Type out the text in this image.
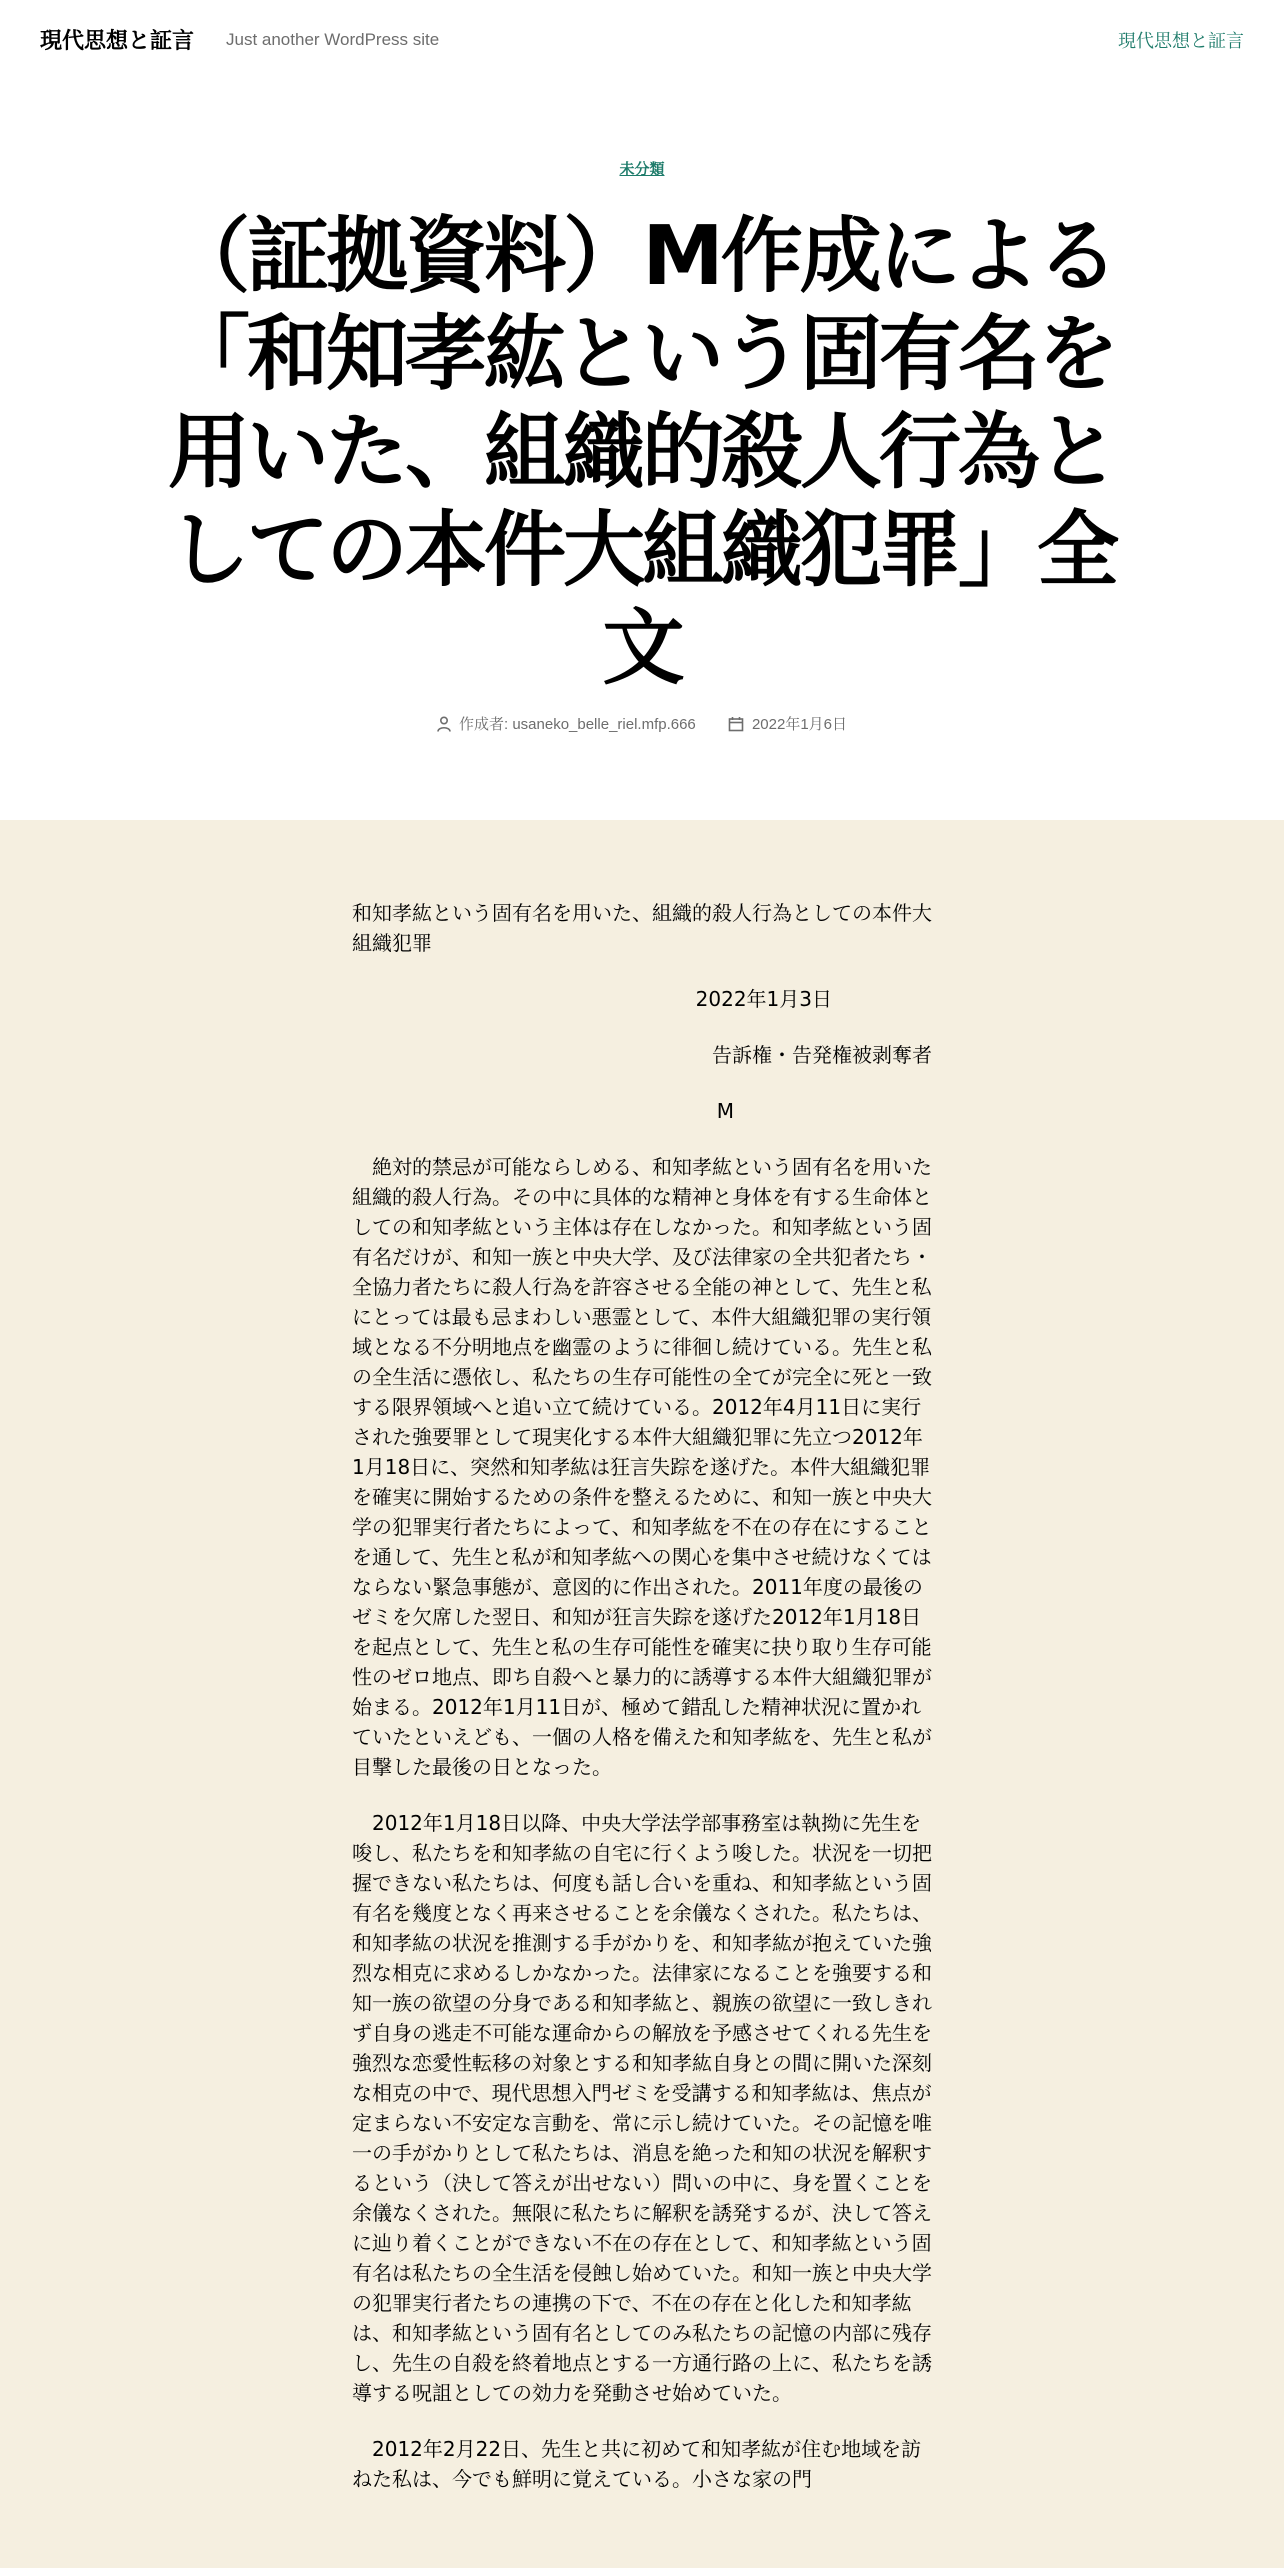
現代思想と証言 Just another WordPress site	現代思想と証言
未分類
（証拠資料）M作成による「和知孝紘という固有名を用いた、組織的殺人行為としての本件大組織犯罪」全文
作成者: usaneko_belle_riel.mfp.666
	2022年1月6日

和知孝紘という固有名を用いた、組織的殺人行為としての本件大組織犯罪

2022年1月3日

告訴権・告発権被剥奪者

M

絶対的禁忌が可能ならしめる、和知孝紘という固有名を用いた組織的殺人行為。その中に具体的な精神と身体を有する生命体としての和知孝紘という主体は存在しなかった。和知孝紘という固有名だけが、和知一族と中央大学、及び法律家の全共犯者たち・全協力者たちに殺人行為を許容させる全能の神として、先生と私にとっては最も忌まわしい悪霊として、本件大組織犯罪の実行領域となる不分明地点を幽霊のように徘徊し続けている。先生と私の全生活に憑依し、私たちの生存可能性の全てが完全に死と一致する限界領域へと追い立て続けている。2012年4月11日に実行された強要罪として現実化する本件大組織犯罪に先立つ2012年1月18日に、突然和知孝紘は狂言失踪を遂げた。本件大組織犯罪を確実に開始するための条件を整えるために、和知一族と中央大学の犯罪実行者たちによって、和知孝紘を不在の存在にすることを通して、先生と私が和知孝紘への関心を集中させ続けなくてはならない緊急事態が、意図的に作出された。2011年度の最後のゼミを欠席した翌日、和知が狂言失踪を遂げた2012年1月18日を起点として、先生と私の生存可能性を確実に抉り取り生存可能性のゼロ地点、即ち自殺へと暴力的に誘導する本件大組織犯罪が始まる。2012年1月11日が、極めて錯乱した精神状況に置かれていたといえども、一個の人格を備えた和知孝紘を、先生と私が目撃した最後の日となった。

2012年1月18日以降、中央大学法学部事務室は執拗に先生を唆し、私たちを和知孝紘の自宅に行くよう唆した。状況を一切把握できない私たちは、何度も話し合いを重ね、和知孝紘という固有名を幾度となく再来させることを余儀なくされた。私たちは、和知孝紘の状況を推測する手がかりを、和知孝紘が抱えていた強烈な相克に求めるしかなかった。法律家になることを強要する和知一族の欲望の分身である和知孝紘と、親族の欲望に一致しきれず自身の逃走不可能な運命からの解放を予感させてくれる先生を強烈な恋愛性転移の対象とする和知孝紘自身との間に開いた深刻な相克の中で、現代思想入門ゼミを受講する和知孝紘は、焦点が定まらない不安定な言動を、常に示し続けていた。その記憶を唯一の手がかりとして私たちは、消息を絶った和知の状況を解釈するという（決して答えが出せない）問いの中に、身を置くことを余儀なくされた。無限に私たちに解釈を誘発するが、決して答えに辿り着くことができない不在の存在として、和知孝紘という固有名は私たちの全生活を侵蝕し始めていた。和知一族と中央大学の犯罪実行者たちの連携の下で、不在の存在と化した和知孝紘は、和知孝紘という固有名としてのみ私たちの記憶の内部に残存し、先生の自殺を終着地点とする一方通行路の上に、私たちを誘導する呪詛としての効力を発動させ始めていた。

2012年2月22日、先生と共に初めて和知孝紘が住む地域を訪ねた私は、今でも鮮明に覚えている。小さな家の門
